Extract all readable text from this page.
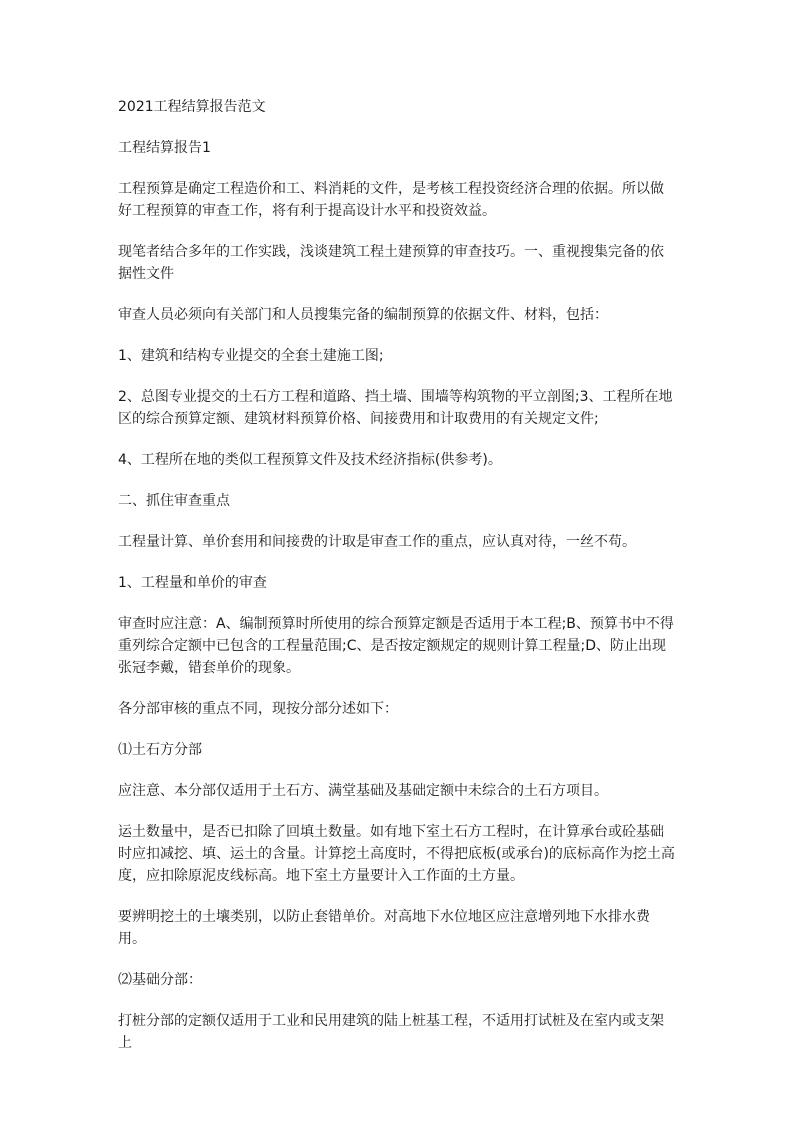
2021工程结算报告范文

工程结算报告1

工程预算是确定工程造价和工、料消耗的文件，是考核工程投资经济合理的依据。所以做好工程预算的审查工作，将有利于提高设计水平和投资效益。

现笔者结合多年的工作实践，浅谈建筑工程土建预算的审查技巧。一、重视搜集完备的依据性文件

审查人员必须向有关部门和人员搜集完备的编制预算的依据文件、材料，包括：

1、建筑和结构专业提交的全套土建施工图;

2、总图专业提交的土石方工程和道路、挡土墙、围墙等构筑物的平立剖图;3、工程所在地区的综合预算定额、建筑材料预算价格、间接费用和计取费用的有关规定文件;

4、工程所在地的类似工程预算文件及技术经济指标(供参考)。

二、抓住审查重点

工程量计算、单价套用和间接费的计取是审查工作的重点，应认真对待，一丝不苟。

1、工程量和单价的审查

审查时应注意：A、编制预算时所使用的综合预算定额是否适用于本工程;B、预算书中不得重列综合定额中已包含的工程量范围;C、是否按定额规定的规则计算工程量;D、防止出现张冠李戴，错套单价的现象。

各分部审核的重点不同，现按分部分述如下：

⑴土石方分部

应注意、本分部仅适用于土石方、满堂基础及基础定额中未综合的土石方项目。

运土数量中，是否已扣除了回填土数量。如有地下室土石方工程时，在计算承台或砼基础时应扣减挖、填、运土的含量。计算挖土高度时，不得把底板(或承台)的底标高作为挖土高度，应扣除原泥皮线标高。地下室土方量要计入工作面的土方量。

要辨明挖土的土壤类别，以防止套错单价。对高地下水位地区应注意增列地下水排水费用。

⑵基础分部：

打桩分部的定额仅适用于工业和民用建筑的陆上桩基工程，不适用打试桩及在室内或支架上
